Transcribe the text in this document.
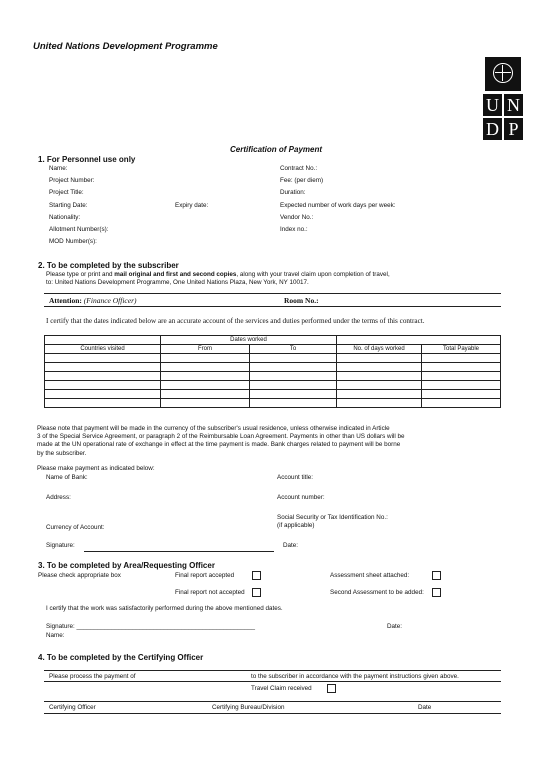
United Nations Development Programme
U N
D P
Certification of Payment
1. For Personnel use only
Name:	Contract No.:
Project Number:	Fee: (per diem)
Project Title:	Duration:
Starting Date:	Expiry date:	Expected number of work days per week:
Nationality:	Vendor No.:
Allotment Number(s):	Index no.:
MOD Number(s):
2. To be completed by the subscriber
Please type or print and mail original and first and second copies, along with your travel claim upon completion of travel,
to: United Nations Development Programme, One United Nations Plaza, New York, NY 10017.
Attention: (Finance Officer)	Room No.:
I certify that the dates indicated below are an accurate account of the services and duties performed under the terms of this contract.
	Dates worked			
Countries visited	From	To	No. of days worked	Total Payable

Please note that payment will be made in the currency of the subscriber's usual residence, unless otherwise indicated in Article
3 of the Special Service Agreement, or paragraph 2 of the Reimbursable Loan Agreement. Payments in other than US dollars will be
made at the UN operational rate of exchange in effect at the time payment is made. Bank charges related to payment will be borne
by the subscriber.
Please make payment as indicated below:
Name of Bank:	Account title:
Address:	Account number:
Social Security or Tax Identification No.:
(if applicable)
Currency of Account:
Signature:	Date:
3. To be completed by Area/Requesting Officer
Please check appropriate box	Final report accepted	Assessment sheet attached:
Final report not accepted	Second Assessment to be added:
I certify that the work was satisfactorily performed during the above mentioned dates.
Signature: ___________________________________________________	Date:
Name:
4. To be completed by the Certifying Officer
Please process the payment of	to the subscriber in accordance with the payment instructions given above.
Travel Claim received
Certifying Officer	Certifying Bureau/Division	Date
